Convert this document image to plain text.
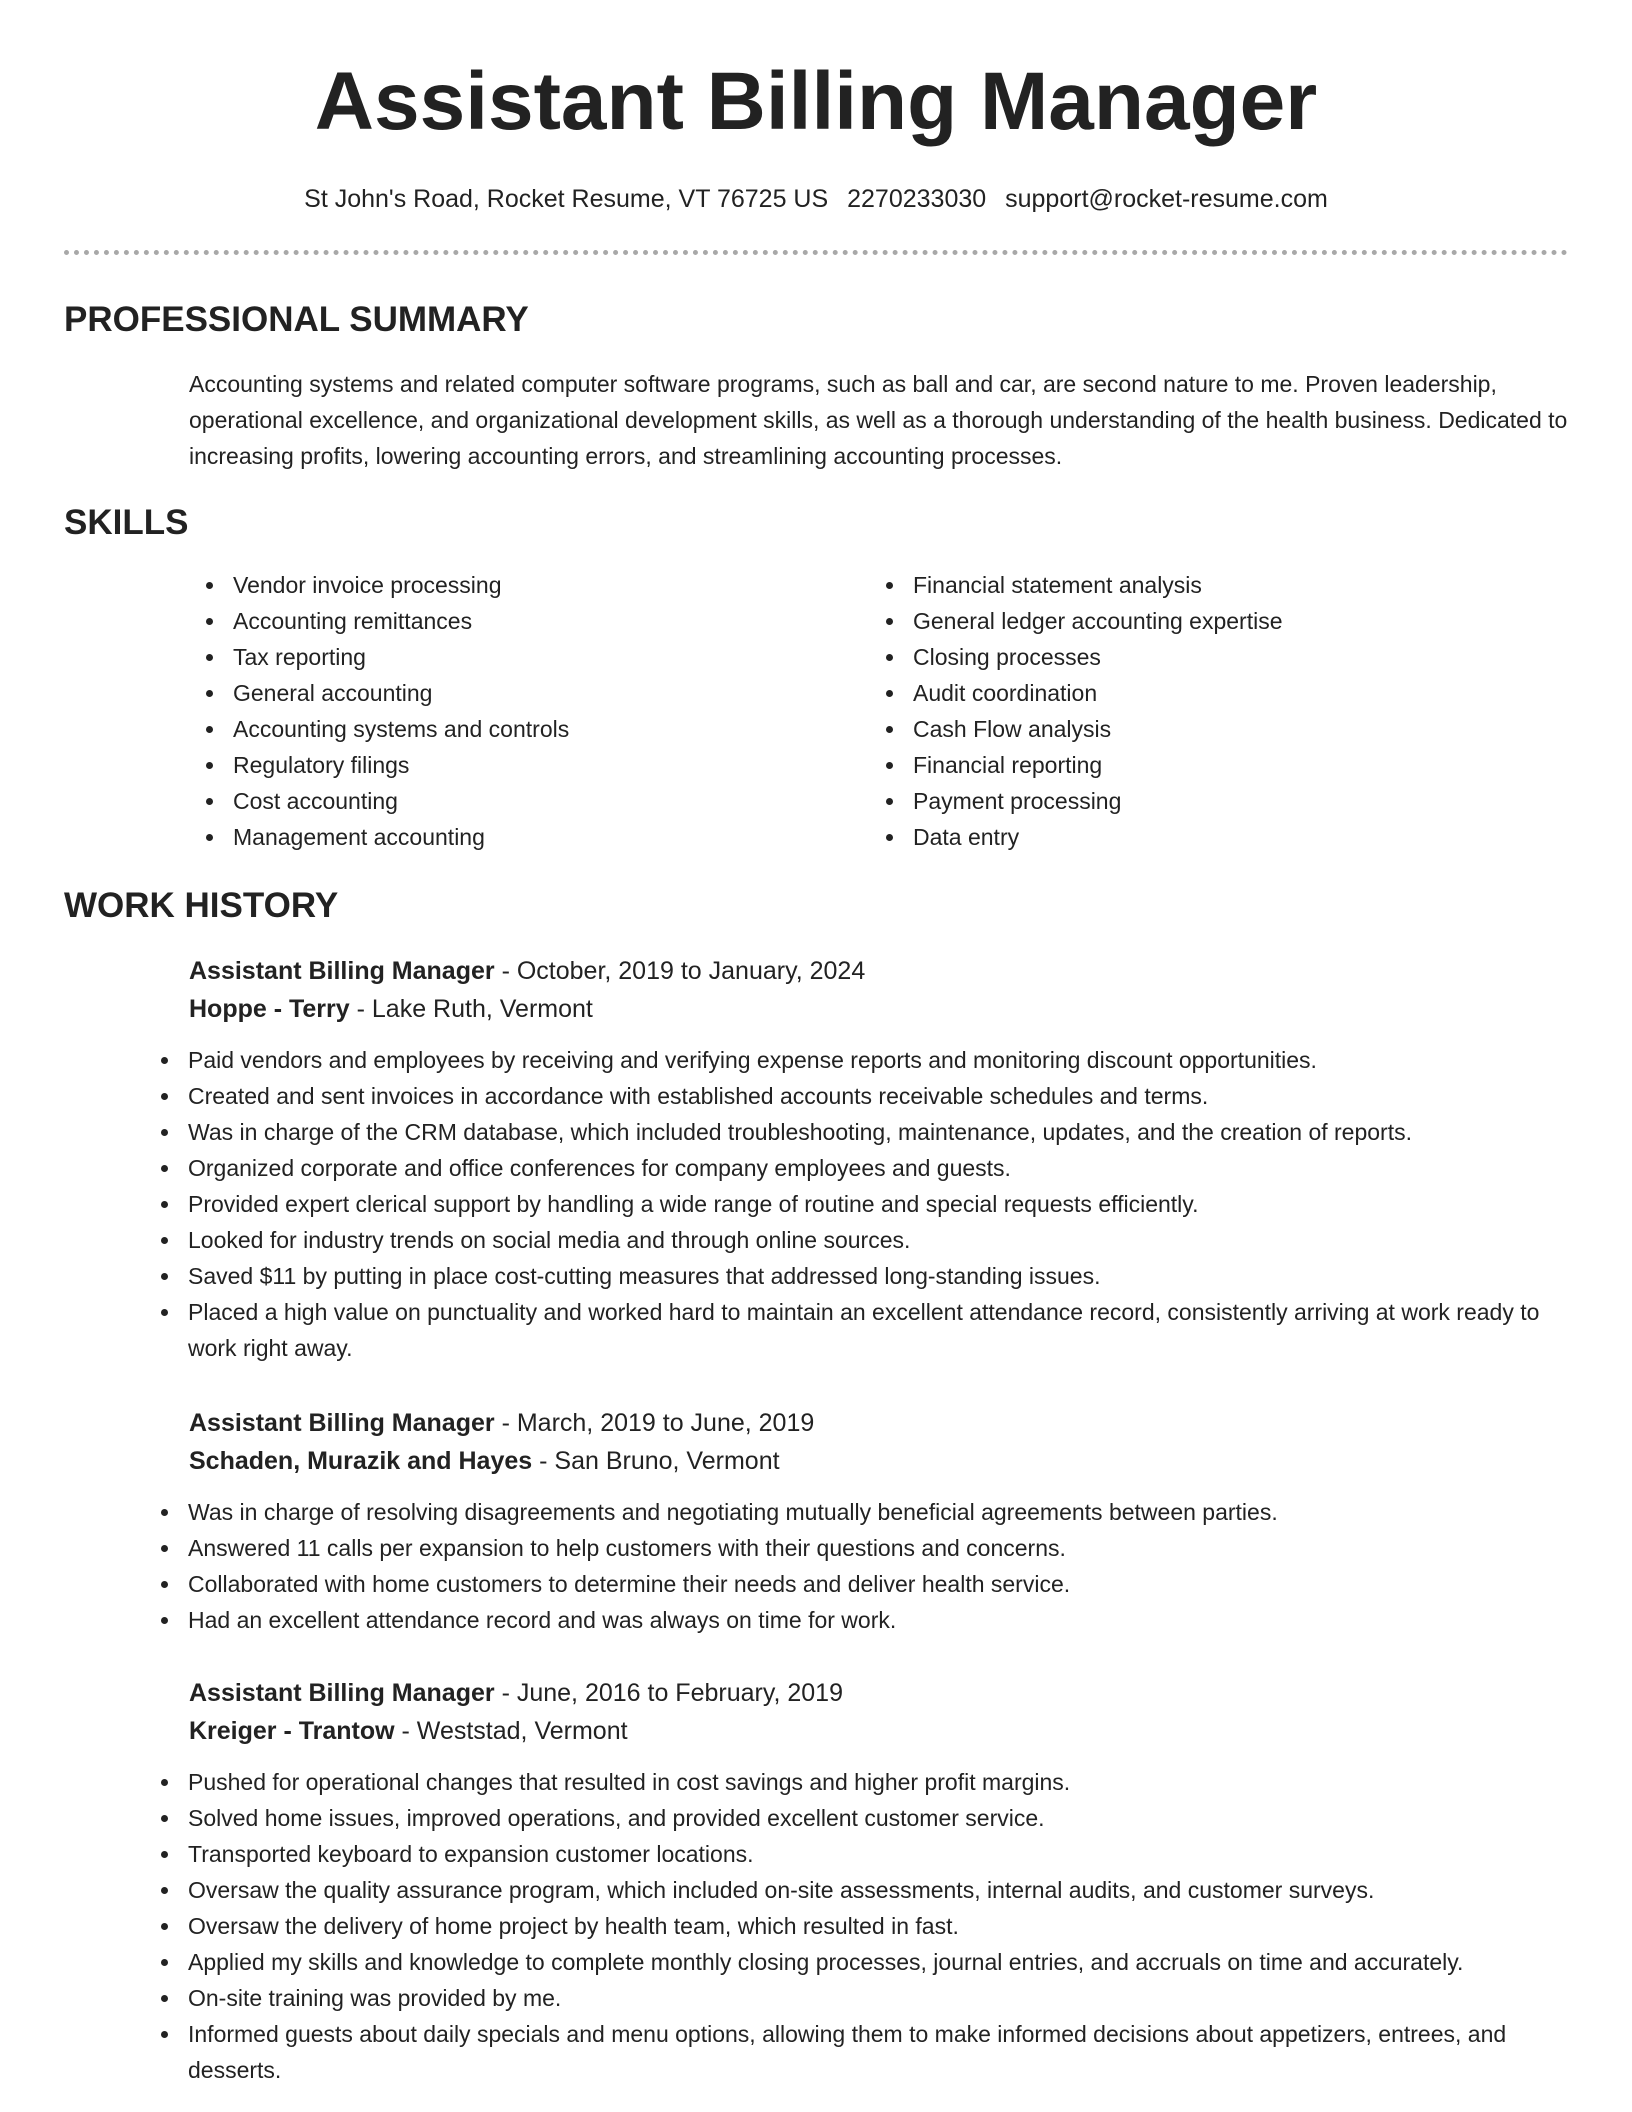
Assistant Billing Manager
St John's Road, Rocket Resume, VT 76725 US 2270233030 support@rocket-resume.com
PROFESSIONAL SUMMARY
Accounting systems and related computer software programs, such as ball and car, are second nature to me. Proven leadership, operational excellence, and organizational development skills, as well as a thorough understanding of the health business. Dedicated to increasing profits, lowering accounting errors, and streamlining accounting processes.
SKILLS
Vendor invoice processing
Accounting remittances
Tax reporting
General accounting
Accounting systems and controls
Regulatory filings
Cost accounting
Management accounting
Financial statement analysis
General ledger accounting expertise
Closing processes
Audit coordination
Cash Flow analysis
Financial reporting
Payment processing
Data entry
WORK HISTORY
Assistant Billing Manager - October, 2019 to January, 2024
Hoppe - Terry - Lake Ruth, Vermont
Paid vendors and employees by receiving and verifying expense reports and monitoring discount opportunities.
Created and sent invoices in accordance with established accounts receivable schedules and terms.
Was in charge of the CRM database, which included troubleshooting, maintenance, updates, and the creation of reports.
Organized corporate and office conferences for company employees and guests.
Provided expert clerical support by handling a wide range of routine and special requests efficiently.
Looked for industry trends on social media and through online sources.
Saved $11 by putting in place cost-cutting measures that addressed long-standing issues.
Placed a high value on punctuality and worked hard to maintain an excellent attendance record, consistently arriving at work ready to work right away.
Assistant Billing Manager - March, 2019 to June, 2019
Schaden, Murazik and Hayes - San Bruno, Vermont
Was in charge of resolving disagreements and negotiating mutually beneficial agreements between parties.
Answered 11 calls per expansion to help customers with their questions and concerns.
Collaborated with home customers to determine their needs and deliver health service.
Had an excellent attendance record and was always on time for work.
Assistant Billing Manager - June, 2016 to February, 2019
Kreiger - Trantow - Weststad, Vermont
Pushed for operational changes that resulted in cost savings and higher profit margins.
Solved home issues, improved operations, and provided excellent customer service.
Transported keyboard to expansion customer locations.
Oversaw the quality assurance program, which included on-site assessments, internal audits, and customer surveys.
Oversaw the delivery of home project by health team, which resulted in fast.
Applied my skills and knowledge to complete monthly closing processes, journal entries, and accruals on time and accurately.
On-site training was provided by me.
Informed guests about daily specials and menu options, allowing them to make informed decisions about appetizers, entrees, and desserts.
